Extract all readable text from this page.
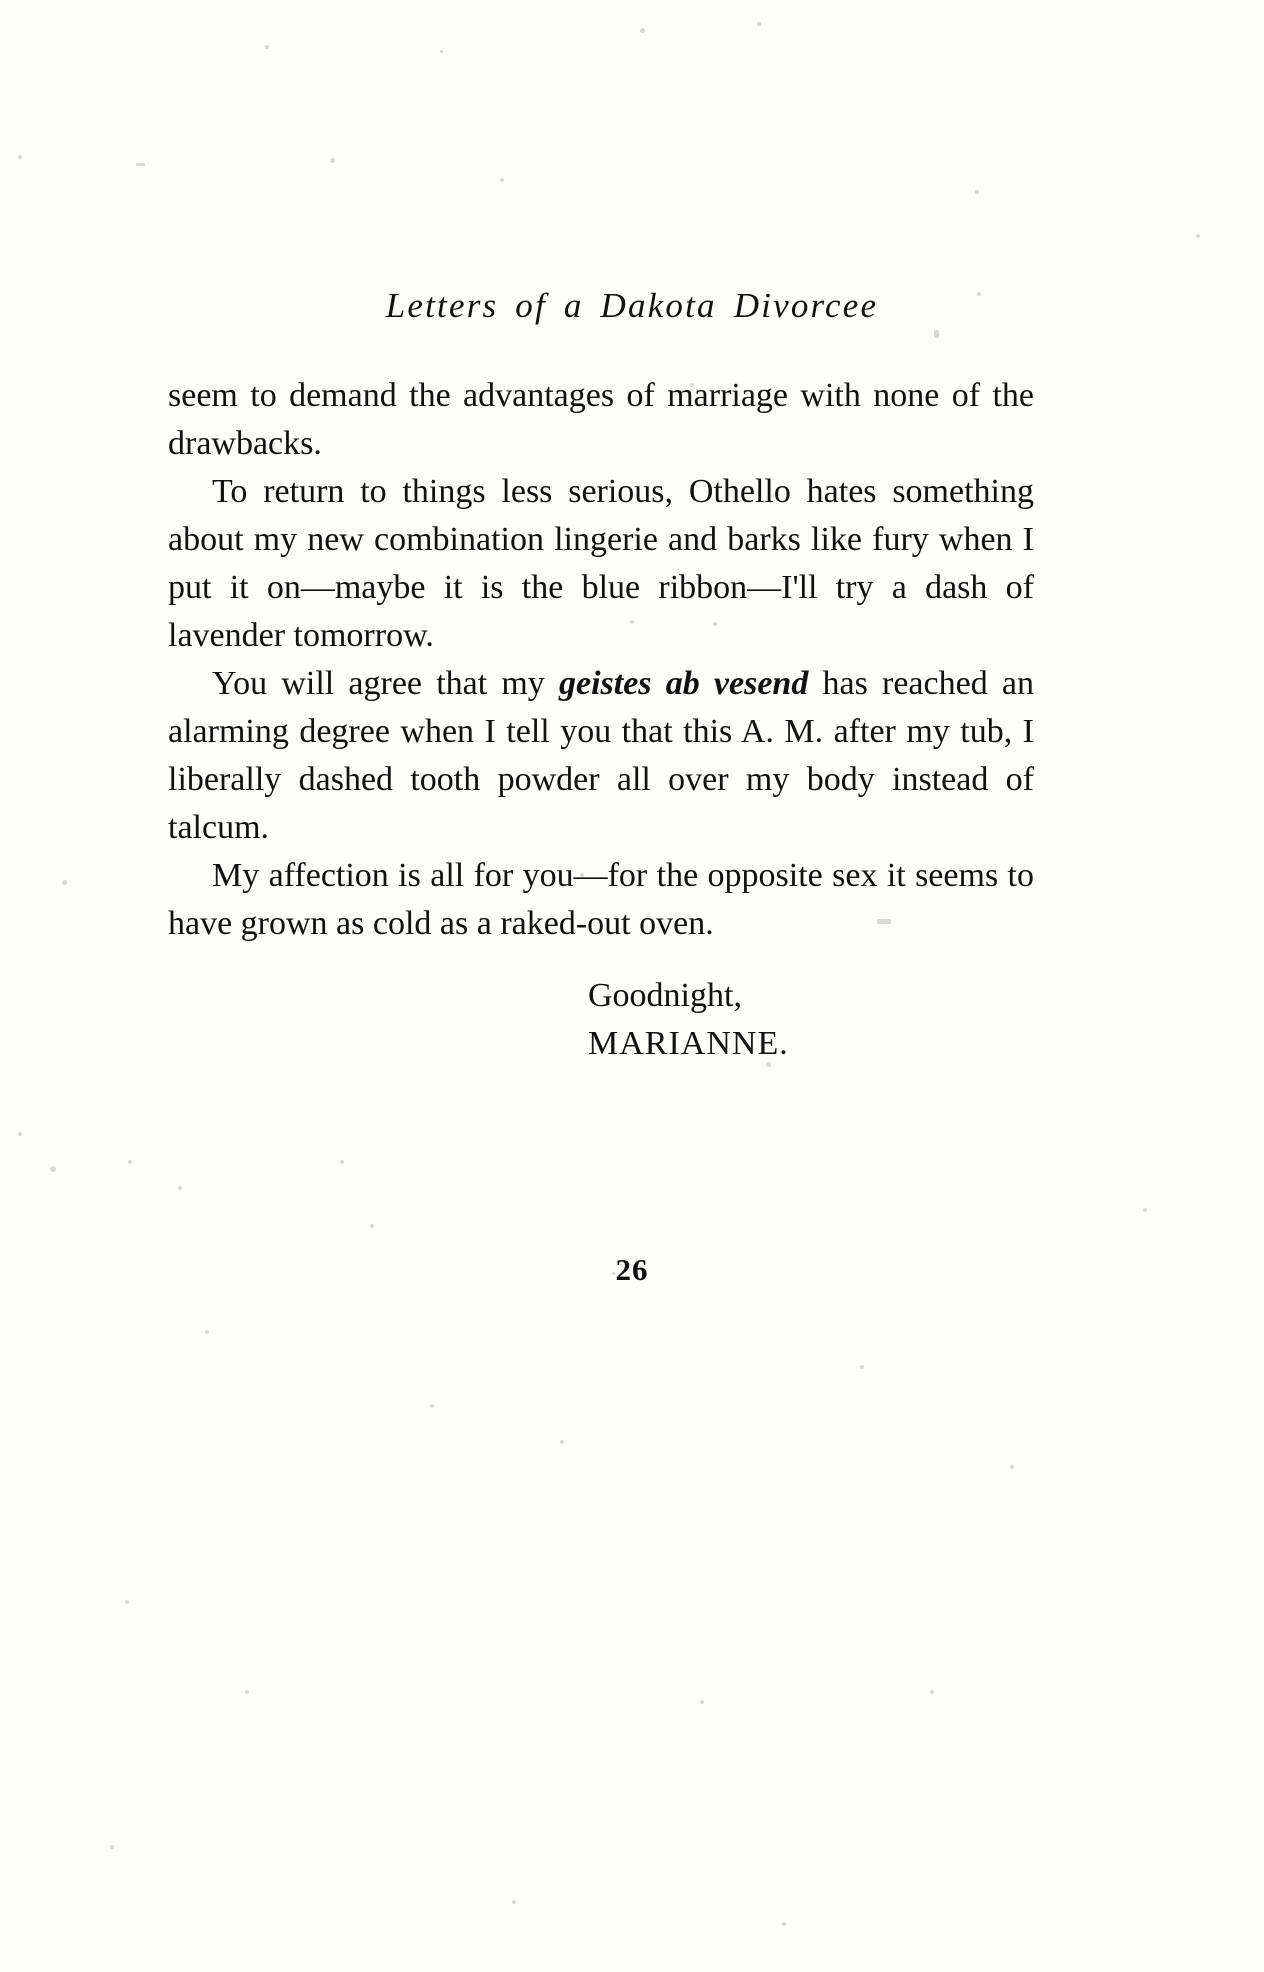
Letters of a Dakota Divorcee

seem to demand the advantages of marriage with none of the drawbacks.

To return to things less serious, Othello hates something about my new combination lingerie and barks like fury when I put it on—maybe it is the blue ribbon—I'll try a dash of lavender tomorrow.

You will agree that my geistes ab vesend has reached an alarming degree when I tell you that this A. M. after my tub, I liberally dashed tooth powder all over my body instead of talcum.

My affection is all for you—for the opposite sex it seems to have grown as cold as a raked-out oven.

Goodnight,
MARIANNE.
26
